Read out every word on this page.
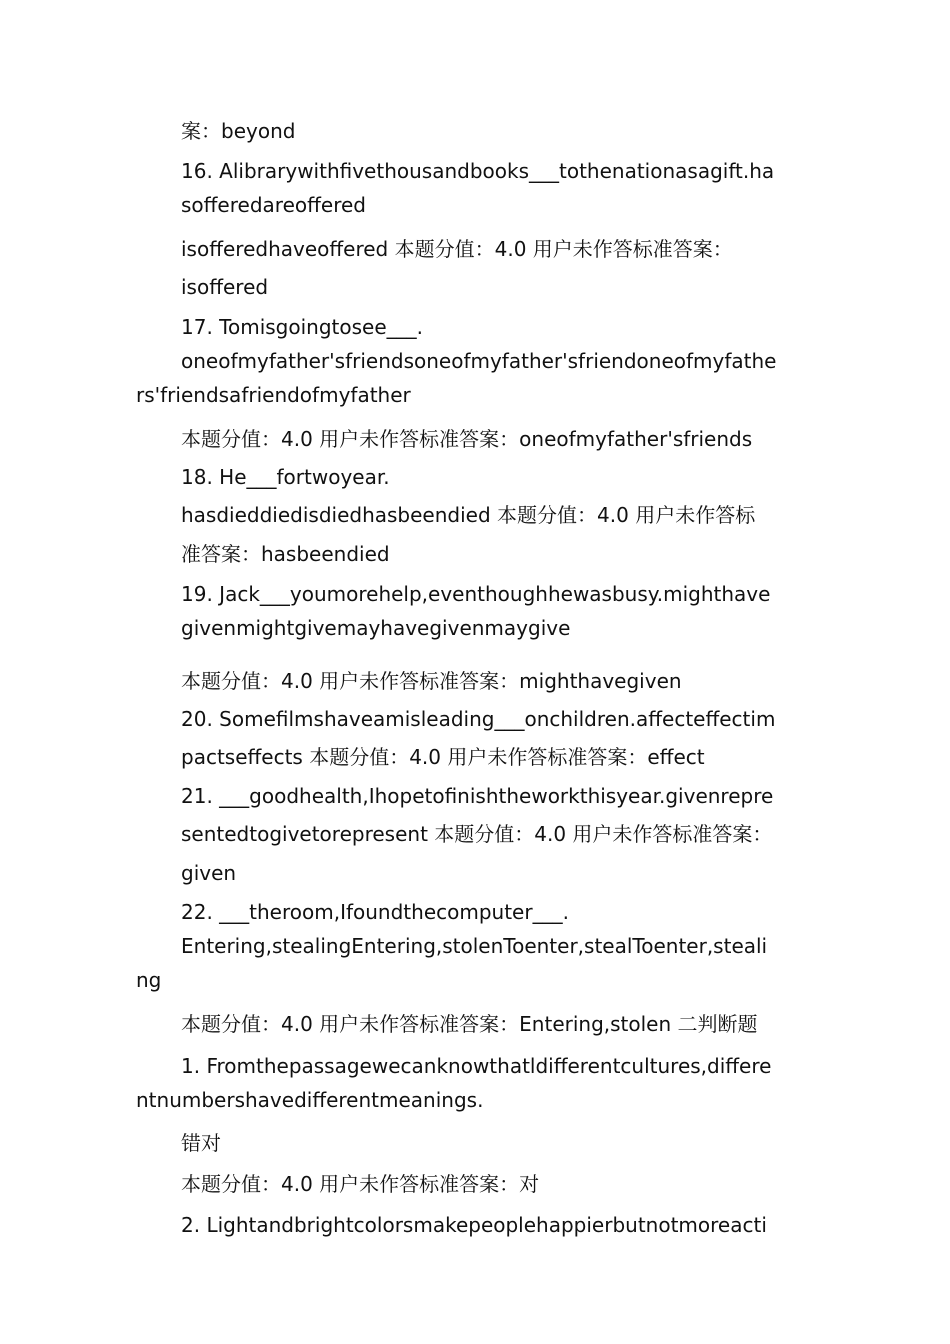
案：beyond
16. Alibrarywithfivethousandbooks___tothenationasagift.ha
sofferedareoffered
isofferedhaveoffered 本题分值：4.0 用户未作答标准答案：
isoffered
17. Tomisgoingtosee___.
oneofmyfather'sfriendsoneofmyfather'sfriendoneofmyfathe
rs'friendsafriendofmyfather
本题分值：4.0 用户未作答标准答案：oneofmyfather'sfriends
18. He___fortwoyear.
hasdieddiedisdiedhasbeendied 本题分值：4.0 用户未作答标
准答案：hasbeendied
19. Jack___youmorehelp,eventhoughhewasbusy.mighthave
givenmightgivemayhavegivenmaygive
本题分值：4.0 用户未作答标准答案：mighthavegiven
20. Somefilmshaveamisleading___onchildren.affecteffectim
pactseffects 本题分值：4.0 用户未作答标准答案：effect
21. ___goodhealth,Ihopetofinishtheworkthisyear.givenrepre
sentedtogivetorepresent 本题分值：4.0 用户未作答标准答案：
given
22. ___theroom,Ifoundthecomputer___.
Entering,stealingEntering,stolenToenter,stealToenter,steali
ng
本题分值：4.0 用户未作答标准答案：Entering,stolen 二判断题
1. Fromthepassagewecanknowthatldifferentcultures,differe
ntnumbershavedifferentmeanings.
错对
本题分值：4.0 用户未作答标准答案：对
2. Lightandbrightcolorsmakepeoplehappierbutnotmoreacti
